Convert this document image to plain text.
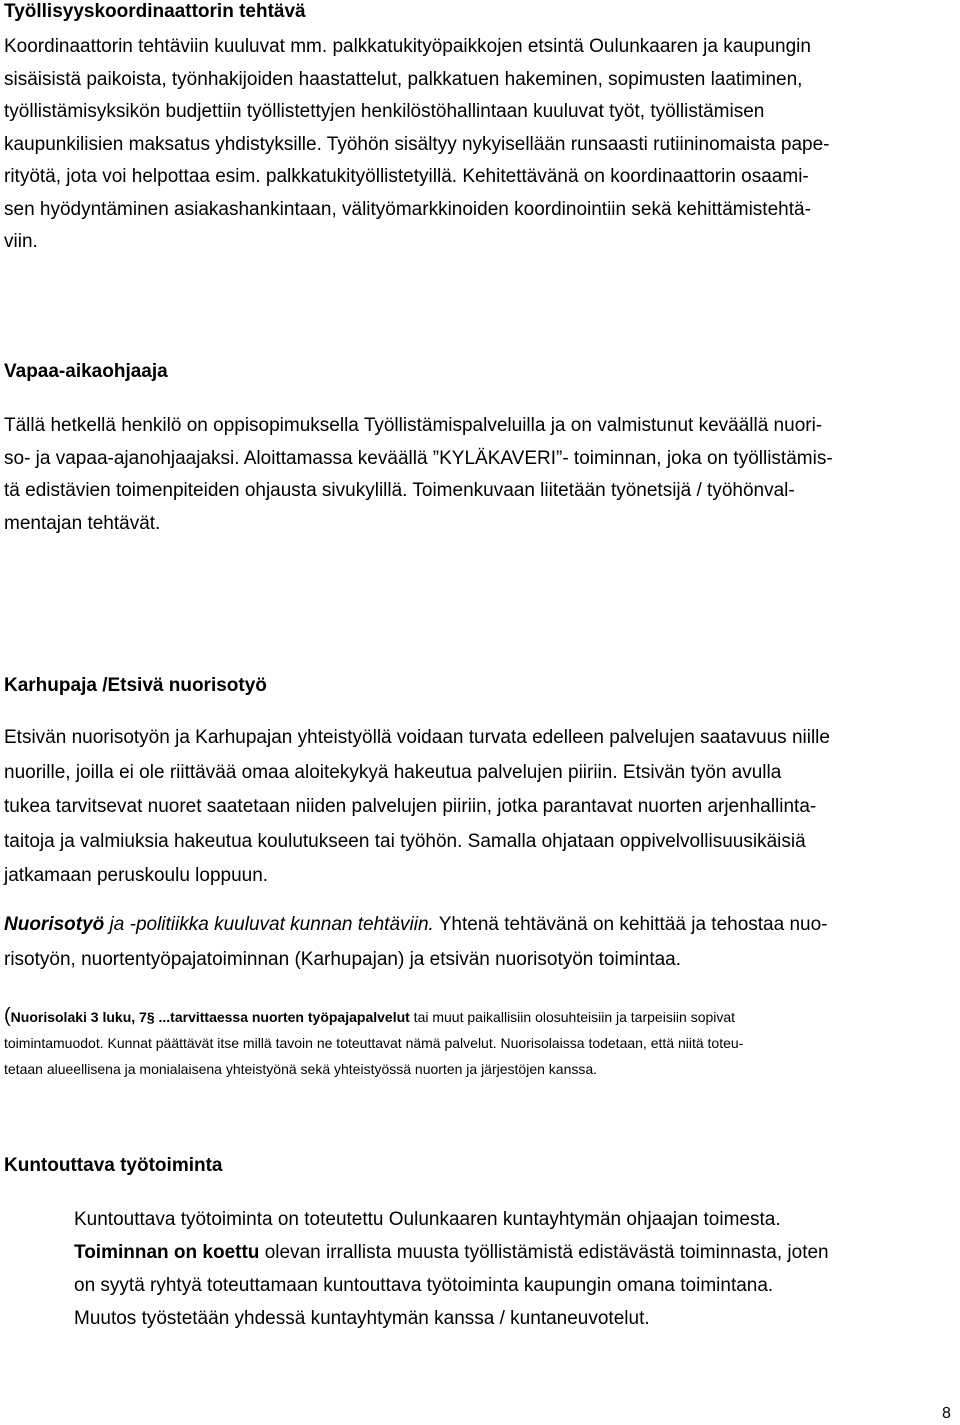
Työllisyyskoordinaattorin tehtävä
Koordinaattorin tehtäviin kuuluvat mm. palkkatukityöpaikkojen etsintä Oulunkaaren ja kaupungin
sisäisistä paikoista, työnhakijoiden haastattelut, palkkatuen hakeminen, sopimusten laatiminen,
työllistämisyksikön budjettiin työllistettyjen henkilöstöhallintaan kuuluvat työt, työllistämisen
kaupunkilisien maksatus yhdistyksille. Työhön sisältyy nykyisellään runsaasti rutiininomaista pape-
rityötä, jota voi helpottaa esim. palkkatukityöllistetyillä. Kehitettävänä on koordinaattorin osaami-
sen hyödyntäminen asiakashankintaan, välityömarkkinoiden koordinointiin sekä kehittämistehtä-
viin.
Vapaa-aikaohjaaja
Tällä hetkellä henkilö on oppisopimuksella Työllistämispalveluilla ja on valmistunut keväällä nuori-
so- ja vapaa-ajanohjaajaksi. Aloittamassa keväällä ”KYLÄKAVERI”- toiminnan, joka on työllistämis-
tä edistävien toimenpiteiden ohjausta sivukylillä. Toimenkuvaan liitetään työnetsijä / työhönval-
mentajan tehtävät.
Karhupaja /Etsivä nuorisotyö
Etsivän nuorisotyön ja Karhupajan yhteistyöllä voidaan turvata edelleen palvelujen saatavuus niille
nuorille, joilla ei ole riittävää omaa aloitekykyä hakeutua palvelujen piiriin. Etsivän työn avulla
tukea tarvitsevat nuoret saatetaan niiden palvelujen piiriin, jotka parantavat nuorten arjenhallinta-
taitoja ja valmiuksia hakeutua koulutukseen tai työhön. Samalla ohjataan oppivelvollisuusikäisiä
jatkamaan peruskoulu loppuun.
Nuorisotyö ja -politiikka kuuluvat kunnan tehtäviin. Yhtenä tehtävänä on kehittää ja tehostaa nuo-
risotyön, nuortentyöpajatoiminnan (Karhupajan) ja etsivän nuorisotyön toimintaa.
(Nuorisolaki 3 luku, 7§ ...tarvittaessa nuorten työpajapalvelut tai muut paikallisiin olosuhteisiin ja tarpeisiin sopivat
toimintamuodot. Kunnat päättävät itse millä tavoin ne toteuttavat nämä palvelut. Nuorisolaissa todetaan, että niitä toteu-
tetaan alueellisena ja monialaisena yhteistyönä sekä yhteistyössä nuorten ja järjestöjen kanssa.
Kuntouttava työtoiminta
Kuntouttava työtoiminta on toteutettu Oulunkaaren kuntayhtymän ohjaajan toimesta.
Toiminnan on koettu olevan irrallista muusta työllistämistä edistävästä toiminnasta, joten
on syytä ryhtyä toteuttamaan kuntouttava työtoiminta kaupungin omana toimintana.
Muutos työstetään yhdessä kuntayhtymän kanssa / kuntaneuvotelut.
8
